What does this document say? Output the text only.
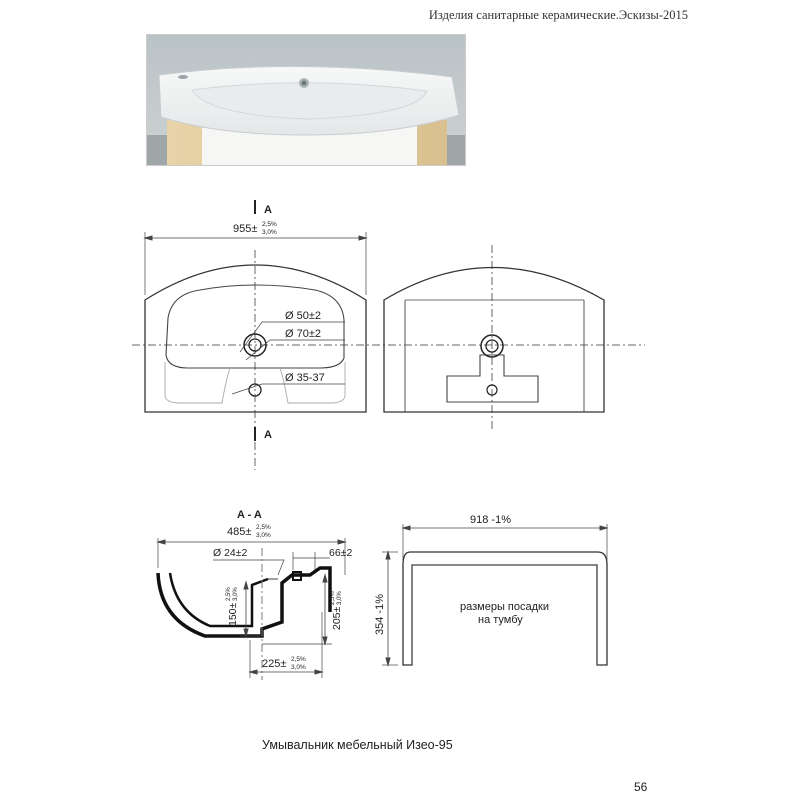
Изделия санитарные керамические.Эскизы-2015
A
A
955± 2,5%
3,0%
Ø 50±2
Ø 70±2
Ø 35-37
A - A
485± 2,5%
3,0%
Ø 24±2	66±2
150±
2,5% 3,0%
205±
2,5% 3,0%
225± 2,5%
3,0%
918 -1%
354 -1%	размеры посадки
на тумбу
Умывальник мебельный Изео-95
56
